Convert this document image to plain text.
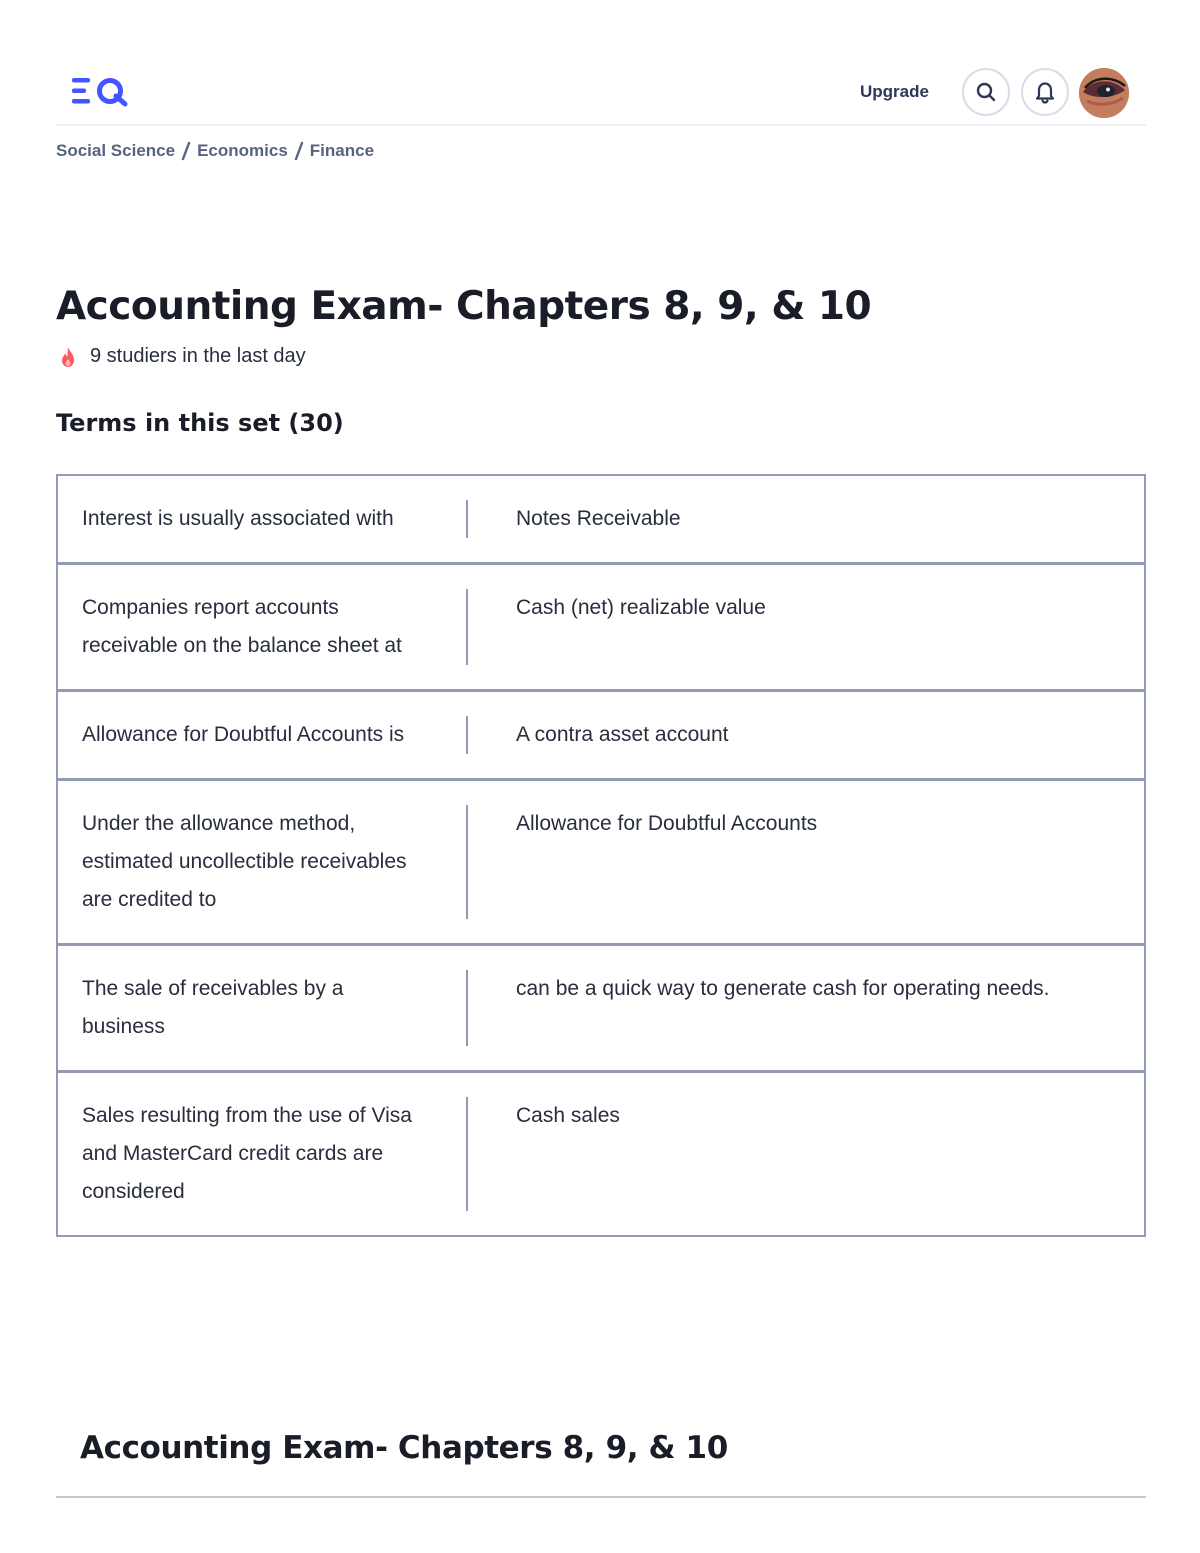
Upgrade
Social Science Economics Finance
Accounting Exam- Chapters 8, 9, & 10
9 studiers in the last day
Terms in this set (30)
Interest is usually associated with	Notes Receivable
Companies report accounts receivable on the balance sheet at
Cash (net) realizable value
Allowance for Doubtful Accounts is	A contra asset account
Under the allowance method, estimated uncollectible receivables are credited to
Allowance for Doubtful Accounts
The sale of receivables by a business
can be a quick way to generate cash for operating needs.
Sales resulting from the use of Visa and MasterCard credit cards are considered
Cash sales
Accounting Exam- Chapters 8, 9, & 10
